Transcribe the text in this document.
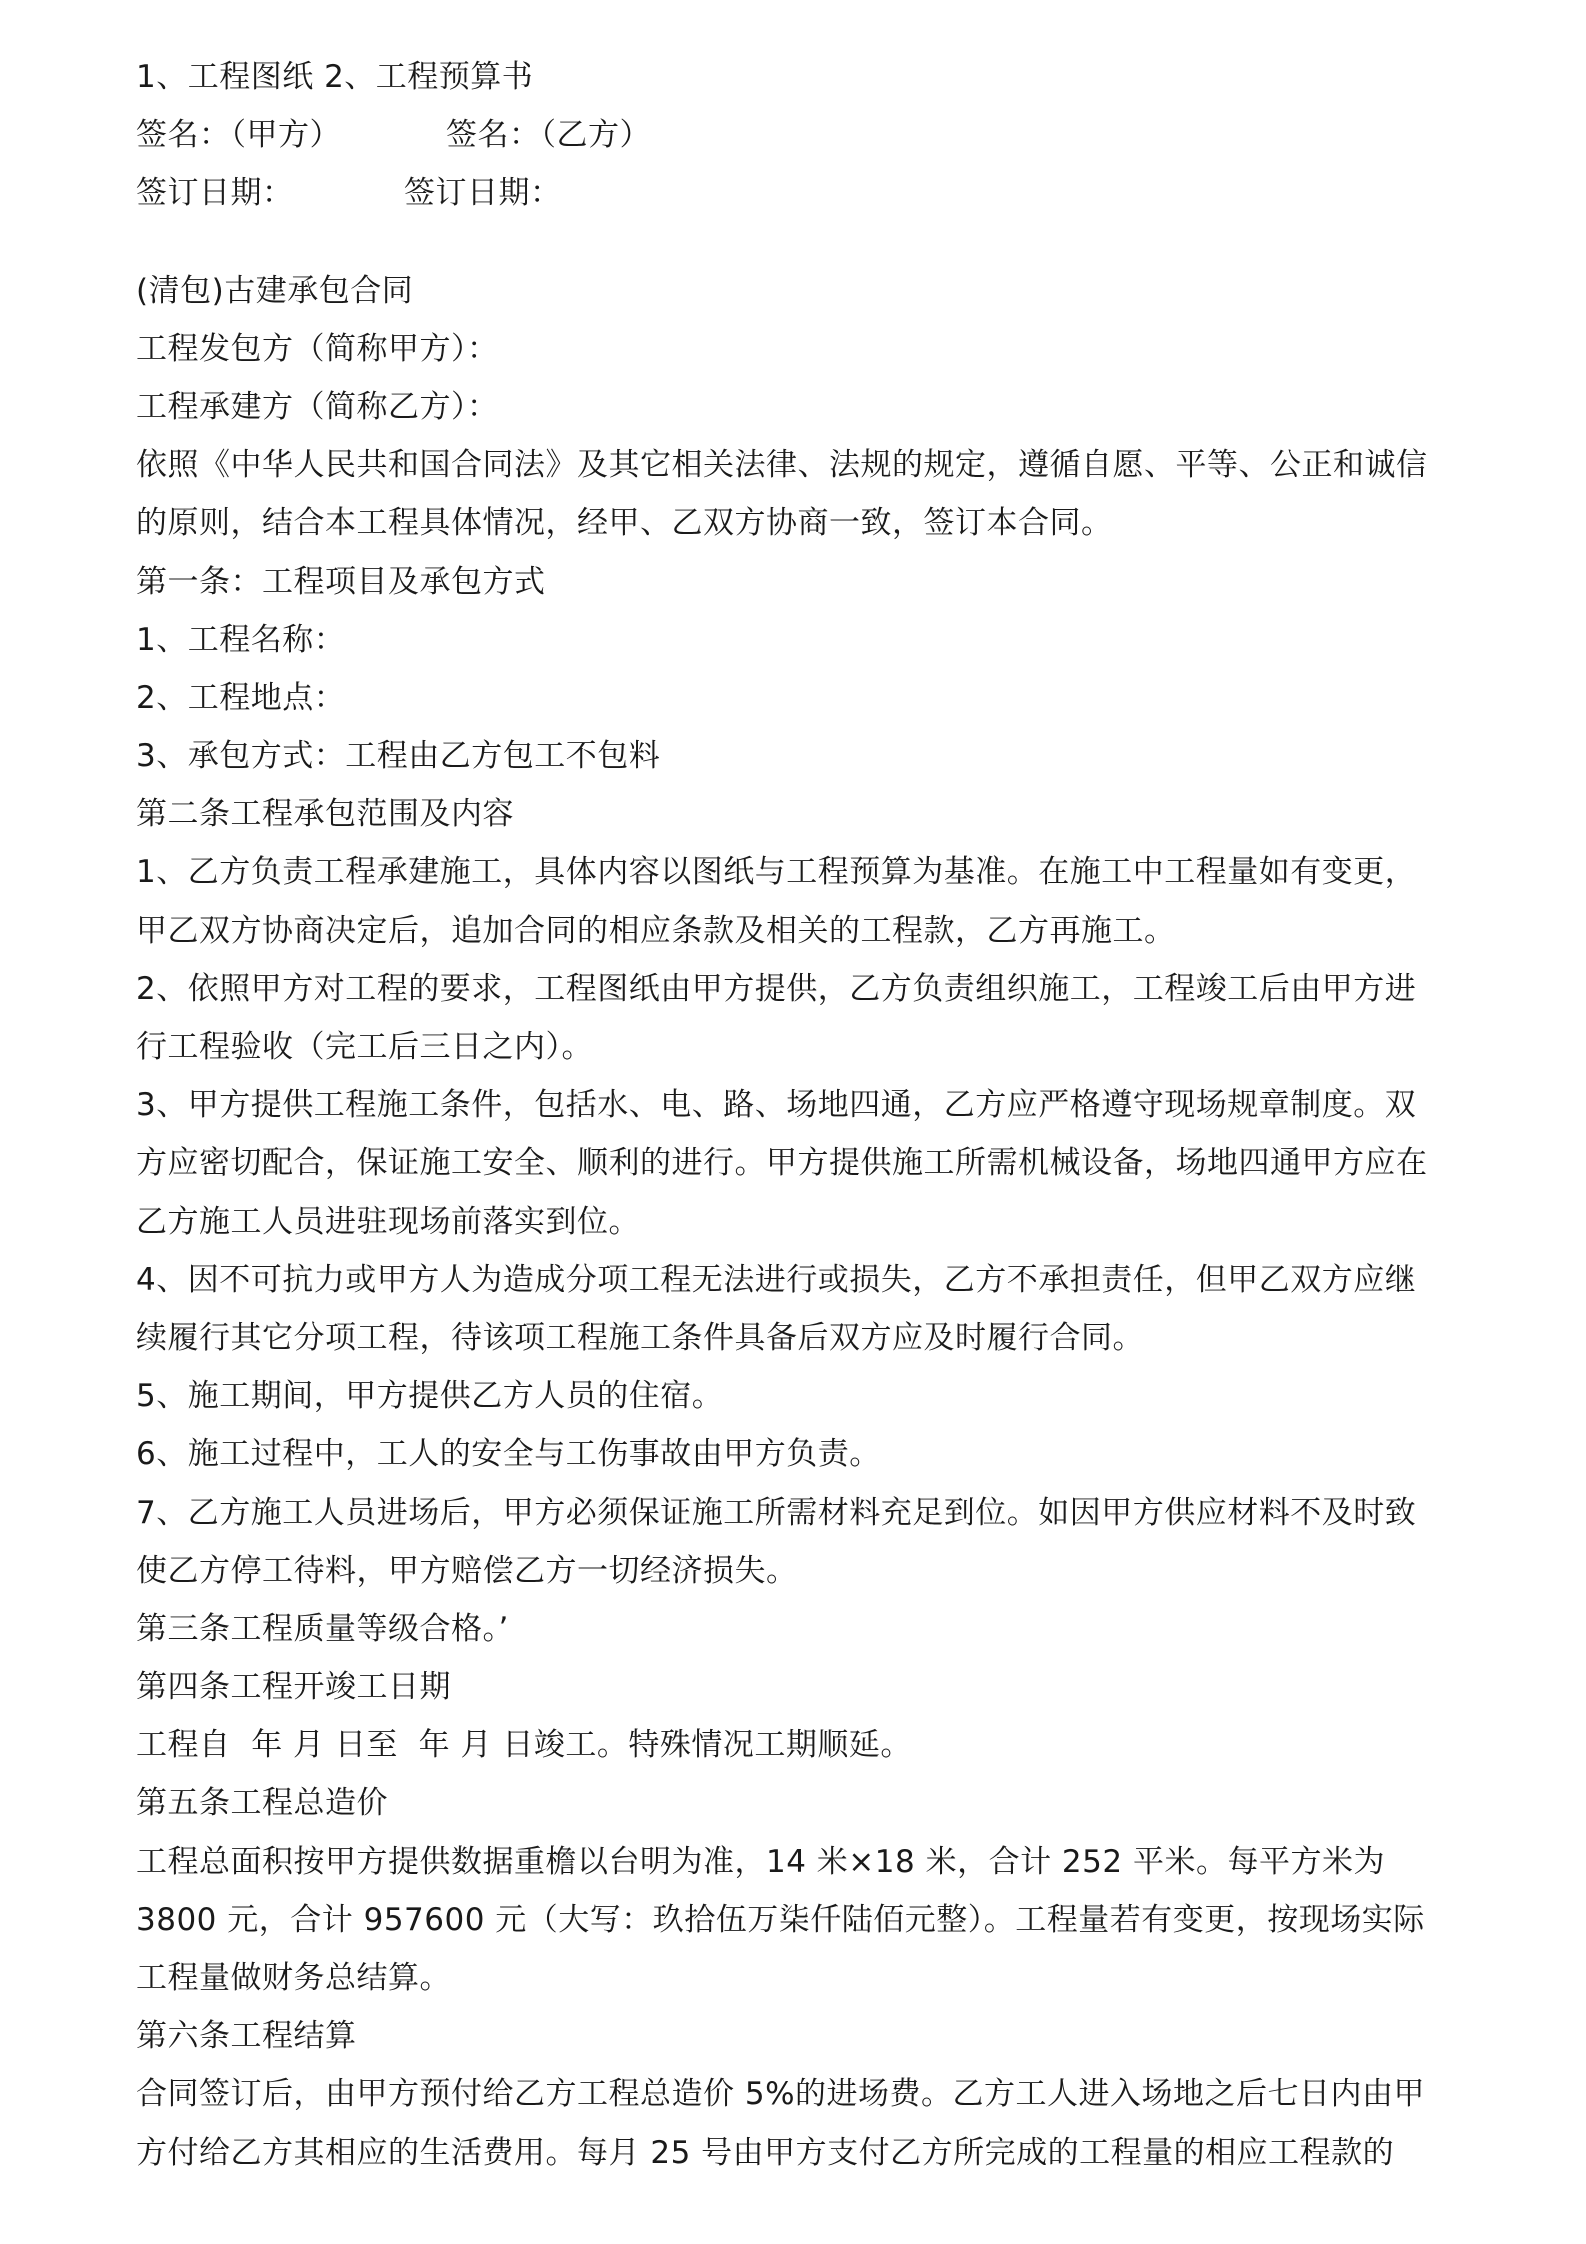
1、工程图纸 2、工程预算书
签名：（甲方）	签名：（乙方）
签订日期：	签订日期：
(清包)古建承包合同
工程发包方（简称甲方）：
工程承建方（简称乙方）：
依照《中华人民共和国合同法》及其它相关法律、法规的规定，遵循自愿、平等、公正和诚信
的原则，结合本工程具体情况，经甲、乙双方协商一致，签订本合同。
第一条：工程项目及承包方式
1、工程名称：
2、工程地点：
3、承包方式：工程由乙方包工不包料
第二条工程承包范围及内容
1、乙方负责工程承建施工，具体内容以图纸与工程预算为基准。在施工中工程量如有变更，
甲乙双方协商决定后，追加合同的相应条款及相关的工程款，乙方再施工。
2、依照甲方对工程的要求，工程图纸由甲方提供，乙方负责组织施工，工程竣工后由甲方进
行工程验收（完工后三日之内）。
3、甲方提供工程施工条件，包括水、电、路、场地四通，乙方应严格遵守现场规章制度。双
方应密切配合，保证施工安全、顺利的进行。甲方提供施工所需机械设备，场地四通甲方应在
乙方施工人员进驻现场前落实到位。
4、因不可抗力或甲方人为造成分项工程无法进行或损失，乙方不承担责任，但甲乙双方应继
续履行其它分项工程，待该项工程施工条件具备后双方应及时履行合同。
5、施工期间，甲方提供乙方人员的住宿。
6、施工过程中，工人的安全与工伤事故由甲方负责。
7、乙方施工人员进场后，甲方必须保证施工所需材料充足到位。如因甲方供应材料不及时致
使乙方停工待料，甲方赔偿乙方一切经济损失。
第三条工程质量等级合格。’
第四条工程开竣工日期
工程自  年 月 日至  年 月 日竣工。特殊情况工期顺延。
第五条工程总造价
工程总面积按甲方提供数据重檐以台明为准，14 米×18 米，合计 252 平米。每平方米为
3800 元，合计 957600 元（大写：玖拾伍万柒仟陆佰元整）。工程量若有变更，按现场实际
工程量做财务总结算。
第六条工程结算
合同签订后，由甲方预付给乙方工程总造价 5%的进场费。乙方工人进入场地之后七日内由甲
方付给乙方其相应的生活费用。每月 25 号由甲方支付乙方所完成的工程量的相应工程款的
